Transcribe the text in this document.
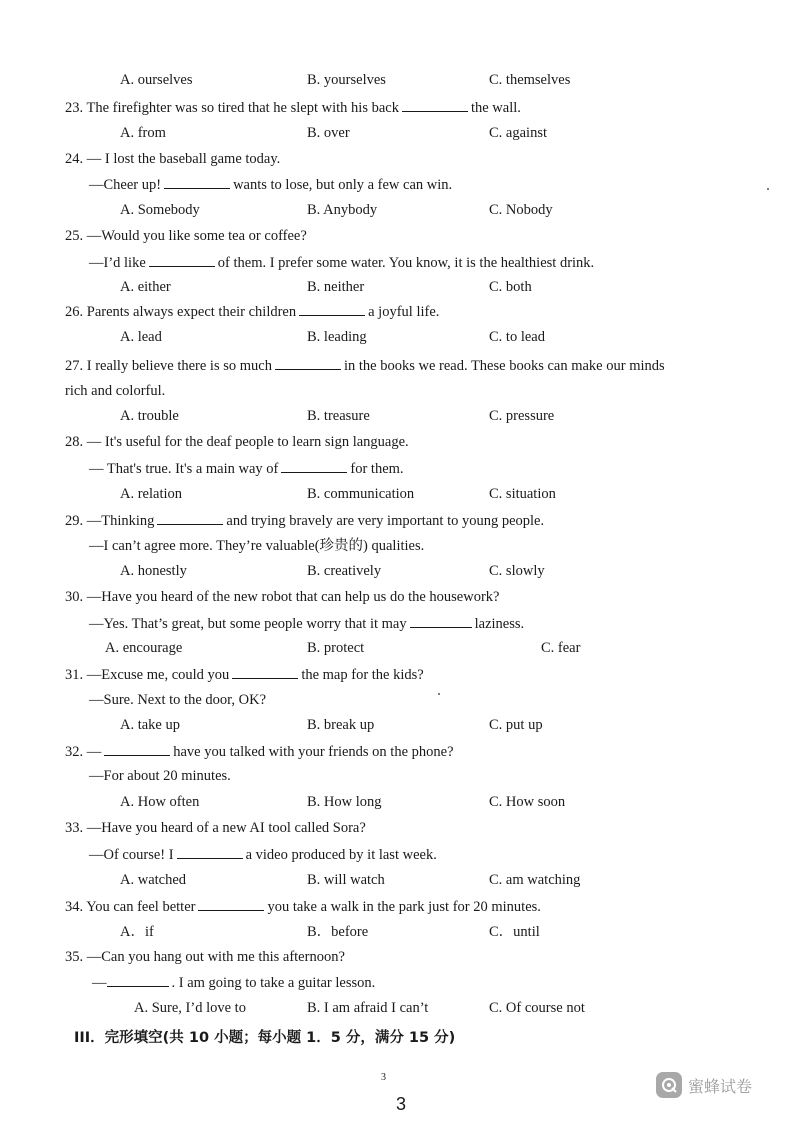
A. ourselves	B. yourselves	C. themselves
23. The firefighter was so tired that he slept with his back	the wall.
A. from	B. over	C. against
24. — I lost the baseball game today.
—Cheer up!	wants to lose, but only a few can win.
A. Somebody	B. Anybody	C. Nobody
25. —Would you like some tea or coffee?
—I’d like	of them. I prefer some water. You know, it is the healthiest drink.
A. either	B. neither	C. both
26. Parents always expect their children	a joyful life.
A. lead	B. leading	C. to lead
27. I really believe there is so much	in the books we read. These books can make our minds
rich and colorful.
A. trouble	B. treasure	C. pressure
28. — It's useful for the deaf people to learn sign language.
— That's true. It's a main way of	for them.
A. relation	B. communication	C. situation
29. —Thinking	and trying bravely are very important to young people.
—I can’t agree more. They’re valuable(珍贵的) qualities.
A. honestly	B. creatively	C. slowly
30. —Have you heard of the new robot that can help us do the housework?
—Yes. That’s great, but some people worry that it may	laziness.
A. encourage	B. protect	C. fear
31. —Excuse me, could you	the map for the kids?
—Sure. Next to the door, OK?
A. take up	B. break up	C. put up
32. —	have you talked with your friends on the phone?
—For about 20 minutes.
A. How often	B. How long	C. How soon
33. —Have you heard of a new AI tool called Sora?
—Of course! I	a video produced by it last week.
A. watched	B. will watch	C. am watching
34. You can feel better	you take a walk in the park just for 20 minutes.
A．if	B．before	C．until
35. —Can you hang out with me this afternoon?
—	. I am going to take a guitar lesson.
A. Sure, I’d love to	B. I am afraid I can’t	C. Of course not
III．完形填空(共 10 小题；每小题 1．5 分，满分 15 分)
3
3
蜜蜂试卷
